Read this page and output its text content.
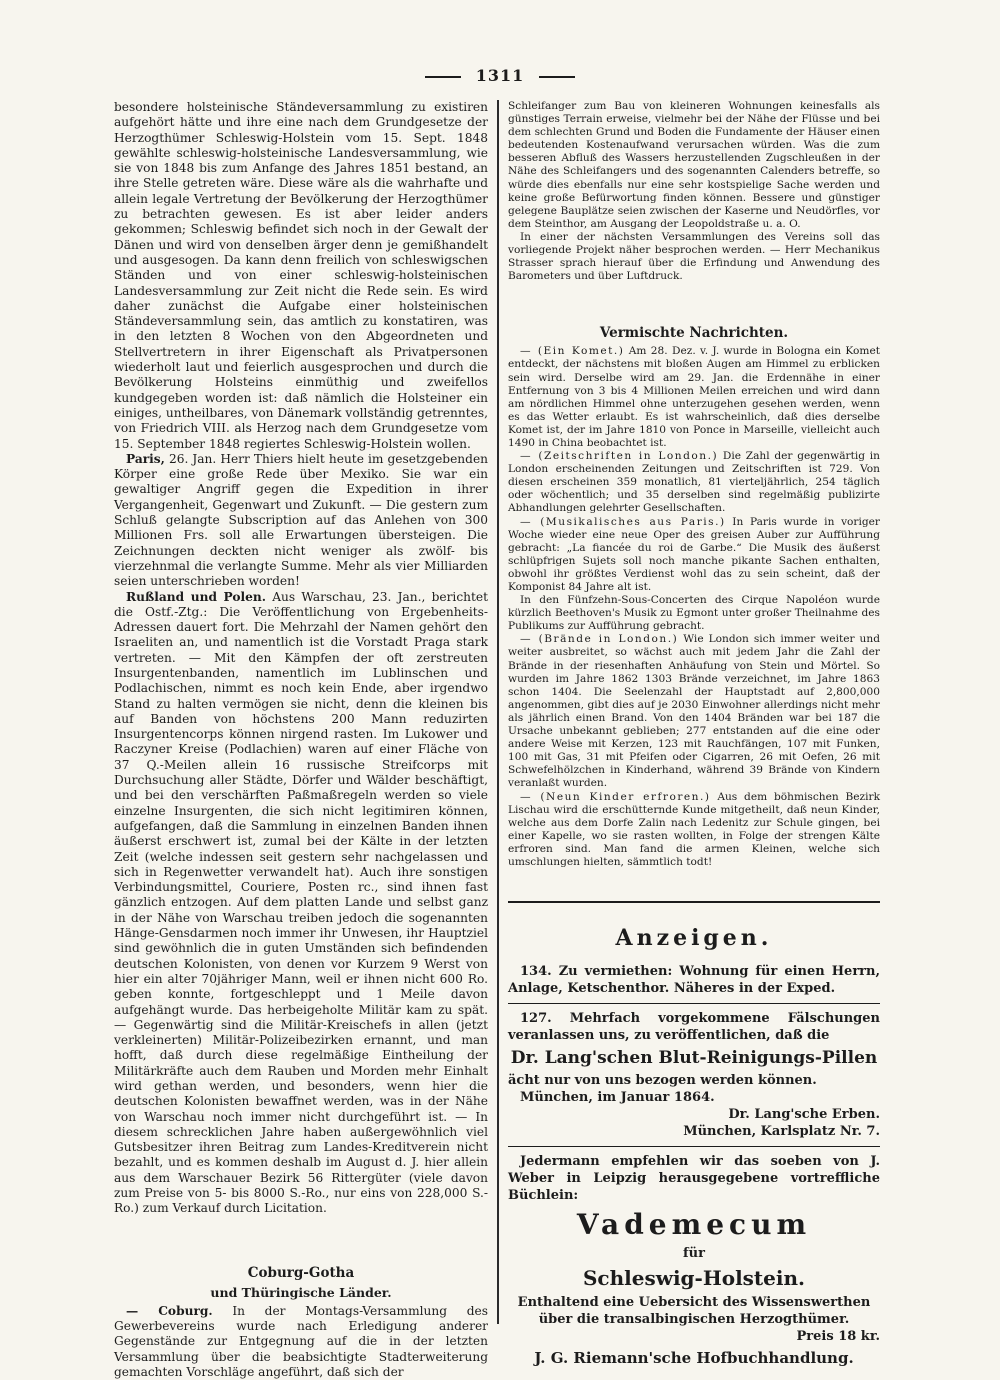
1311

besondere holsteinische Ständeversammlung zu existiren aufgehört hätte und ihre eine nach dem Grundgesetze der Herzogthümer Schleswig-Holstein vom 15. Sept. 1848 gewählte schleswig-holsteinische Landesversammlung, wie sie von 1848 bis zum Anfange des Jahres 1851 bestand, an ihre Stelle getreten wäre. Diese wäre als die wahrhafte und allein legale Vertretung der Bevölkerung der Herzogthümer zu betrachten gewesen. Es ist aber leider anders gekommen; Schleswig befindet sich noch in der Gewalt der Dänen und wird von denselben ärger denn je gemißhandelt und ausgesogen. Da kann denn freilich von schleswigschen Ständen und von einer schleswig-holsteinischen Landesversammlung zur Zeit nicht die Rede sein. Es wird daher zunächst die Aufgabe einer holsteinischen Ständeversammlung sein, das amtlich zu konstatiren, was in den letzten 8 Wochen von den Abgeordneten und Stellvertretern in ihrer Eigenschaft als Privatpersonen wiederholt laut und feierlich ausgesprochen und durch die Bevölkerung Holsteins einmüthig und zweifellos kundgegeben worden ist: daß nämlich die Holsteiner ein einiges, untheilbares, von Dänemark vollständig getrenntes, von Friedrich VIII. als Herzog nach dem Grundgesetze vom 15. September 1848 regiertes Schleswig-Holstein wollen.

Paris, 26. Jan. Herr Thiers hielt heute im gesetzgebenden Körper eine große Rede über Mexiko. Sie war ein gewaltiger Angriff gegen die Expedition in ihrer Vergangenheit, Gegenwart und Zukunft. — Die gestern zum Schluß gelangte Subscription auf das Anlehen von 300 Millionen Frs. soll alle Erwartungen übersteigen. Die Zeichnungen deckten nicht weniger als zwölf- bis vierzehnmal die verlangte Summe. Mehr als vier Milliarden seien unterschrieben worden!

Rußland und Polen. Aus Warschau, 23. Jan., berichtet die Ostf.-Ztg.: Die Veröffentlichung von Ergebenheits-Adressen dauert fort. Die Mehrzahl der Namen gehört den Israeliten an, und namentlich ist die Vorstadt Praga stark vertreten. — Mit den Kämpfen der oft zerstreuten Insurgentenbanden, namentlich im Lublinschen und Podlachischen, nimmt es noch kein Ende, aber irgendwo Stand zu halten vermögen sie nicht, denn die kleinen bis auf Banden von höchstens 200 Mann reduzirten Insurgentencorps können nirgend rasten. Im Lukower und Raczyner Kreise (Podlachien) waren auf einer Fläche von 37 Q.-Meilen allein 16 russische Streifcorps mit Durchsuchung aller Städte, Dörfer und Wälder beschäftigt, und bei den verschärften Paßmaßregeln werden so viele einzelne Insurgenten, die sich nicht legitimiren können, aufgefangen, daß die Sammlung in einzelnen Banden ihnen äußerst erschwert ist, zumal bei der Kälte in der letzten Zeit (welche indessen seit gestern sehr nachgelassen und sich in Regenwetter verwandelt hat). Auch ihre sonstigen Verbindungsmittel, Couriere, Posten rc., sind ihnen fast gänzlich entzogen. Auf dem platten Lande und selbst ganz in der Nähe von Warschau treiben jedoch die sogenannten Hänge-Gensdarmen noch immer ihr Unwesen, ihr Hauptziel sind gewöhnlich die in guten Umständen sich befindenden deutschen Kolonisten, von denen vor Kurzem 9 Werst von hier ein alter 70jähriger Mann, weil er ihnen nicht 600 Ro. geben konnte, fortgeschleppt und 1 Meile davon aufgehängt wurde. Das herbeigeholte Militär kam zu spät. — Gegenwärtig sind die Militär-Kreischefs in allen (jetzt verkleinerten) Militär-Polizeibezirken ernannt, und man hofft, daß durch diese regelmäßige Eintheilung der Militärkräfte auch dem Rauben und Morden mehr Einhalt wird gethan werden, und besonders, wenn hier die deutschen Kolonisten bewaffnet werden, was in der Nähe von Warschau noch immer nicht durchgeführt ist. — In diesem schrecklichen Jahre haben außergewöhnlich viel Gutsbesitzer ihren Beitrag zum Landes-Kreditverein nicht bezahlt, und es kommen deshalb im August d. J. hier allein aus dem Warschauer Bezirk 56 Rittergüter (viele davon zum Preise von 5- bis 8000 S.-Ro., nur eins von 228,000 S.-Ro.) zum Verkauf durch Licitation.

Coburg-Gotha
und Thüringische Länder.

— Coburg. In der Montags-Versammlung des Gewerbevereins wurde nach Erledigung anderer Gegenstände zur Entgegnung auf die in der letzten Versammlung über die beabsichtigte Stadterweiterung gemachten Vorschläge angeführt, daß sich der

Schleifanger zum Bau von kleineren Wohnungen keinesfalls als günstiges Terrain erweise, vielmehr bei der Nähe der Flüsse und bei dem schlechten Grund und Boden die Fundamente der Häuser einen bedeutenden Kostenaufwand verursachen würden. Was die zum besseren Abfluß des Wassers herzustellenden Zugschleußen in der Nähe des Schleifangers und des sogenannten Calenders betreffe, so würde dies ebenfalls nur eine sehr kostspielige Sache werden und keine große Befürwortung finden können. Bessere und günstiger gelegene Bauplätze seien zwischen der Kaserne und Neudörfles, vor dem Steinthor, am Ausgang der Leopoldstraße u. a. O.

In einer der nächsten Versammlungen des Vereins soll das vorliegende Projekt näher besprochen werden. — Herr Mechanikus Strasser sprach hierauf über die Erfindung und Anwendung des Barometers und über Luftdruck.

Vermischte Nachrichten.

— (Ein Komet.) Am 28. Dez. v. J. wurde in Bologna ein Komet entdeckt, der nächstens mit bloßen Augen am Himmel zu erblicken sein wird. Derselbe wird am 29. Jan. die Erdennähe in einer Entfernung von 3 bis 4 Millionen Meilen erreichen und wird dann am nördlichen Himmel ohne unterzugehen gesehen werden, wenn es das Wetter erlaubt. Es ist wahrscheinlich, daß dies derselbe Komet ist, der im Jahre 1810 von Ponce in Marseille, vielleicht auch 1490 in China beobachtet ist.

— (Zeitschriften in London.) Die Zahl der gegenwärtig in London erscheinenden Zeitungen und Zeitschriften ist 729. Von diesen erscheinen 359 monatlich, 81 vierteljährlich, 254 täglich oder wöchentlich; und 35 derselben sind regelmäßig publizirte Abhandlungen gelehrter Gesellschaften.

— (Musikalisches aus Paris.) In Paris wurde in voriger Woche wieder eine neue Oper des greisen Auber zur Aufführung gebracht: „La fiancée du roi de Garbe.“ Die Musik des äußerst schlüpfrigen Sujets soll noch manche pikante Sachen enthalten, obwohl ihr größtes Verdienst wohl das zu sein scheint, daß der Komponist 84 Jahre alt ist.

In den Fünfzehn-Sous-Concerten des Cirque Napoléon wurde kürzlich Beethoven's Musik zu Egmont unter großer Theilnahme des Publikums zur Aufführung gebracht.

— (Brände in London.) Wie London sich immer weiter und weiter ausbreitet, so wächst auch mit jedem Jahr die Zahl der Brände in der riesenhaften Anhäufung von Stein und Mörtel. So wurden im Jahre 1862 1303 Brände verzeichnet, im Jahre 1863 schon 1404. Die Seelenzahl der Hauptstadt auf 2,800,000 angenommen, gibt dies auf je 2030 Einwohner allerdings nicht mehr als jährlich einen Brand. Von den 1404 Bränden war bei 187 die Ursache unbekannt geblieben; 277 entstanden auf die eine oder andere Weise mit Kerzen, 123 mit Rauchfängen, 107 mit Funken, 100 mit Gas, 31 mit Pfeifen oder Cigarren, 26 mit Oefen, 26 mit Schwefelhölzchen in Kinderhand, während 39 Brände von Kindern veranlaßt wurden.

— (Neun Kinder erfroren.) Aus dem böhmischen Bezirk Lischau wird die erschütternde Kunde mitgetheilt, daß neun Kinder, welche aus dem Dorfe Zalin nach Ledenitz zur Schule gingen, bei einer Kapelle, wo sie rasten wollten, in Folge der strengen Kälte erfroren sind. Man fand die armen Kleinen, welche sich umschlungen hielten, sämmtlich todt!

Anzeigen.

134. Zu vermiethen: Wohnung für einen Herrn, Anlage, Ketschenthor. Näheres in der Exped.

127. Mehrfach vorgekommene Fälschungen veranlassen uns, zu veröffentlichen, daß die

Dr. Lang'schen Blut-Reinigungs-Pillen

ächt nur von uns bezogen werden können.

München, im Januar 1864.

Dr. Lang'sche Erben.

München, Karlsplatz Nr. 7.

Jedermann empfehlen wir das soeben von J. Weber in Leipzig herausgegebene vortreffliche Büchlein:

Vademecum

für

Schleswig-Holstein.

Enthaltend eine Uebersicht des Wissenswerthen über die transalbingischen Herzogthümer.

Preis 18 kr.

J. G. Riemann'sche Hofbuchhandlung.
